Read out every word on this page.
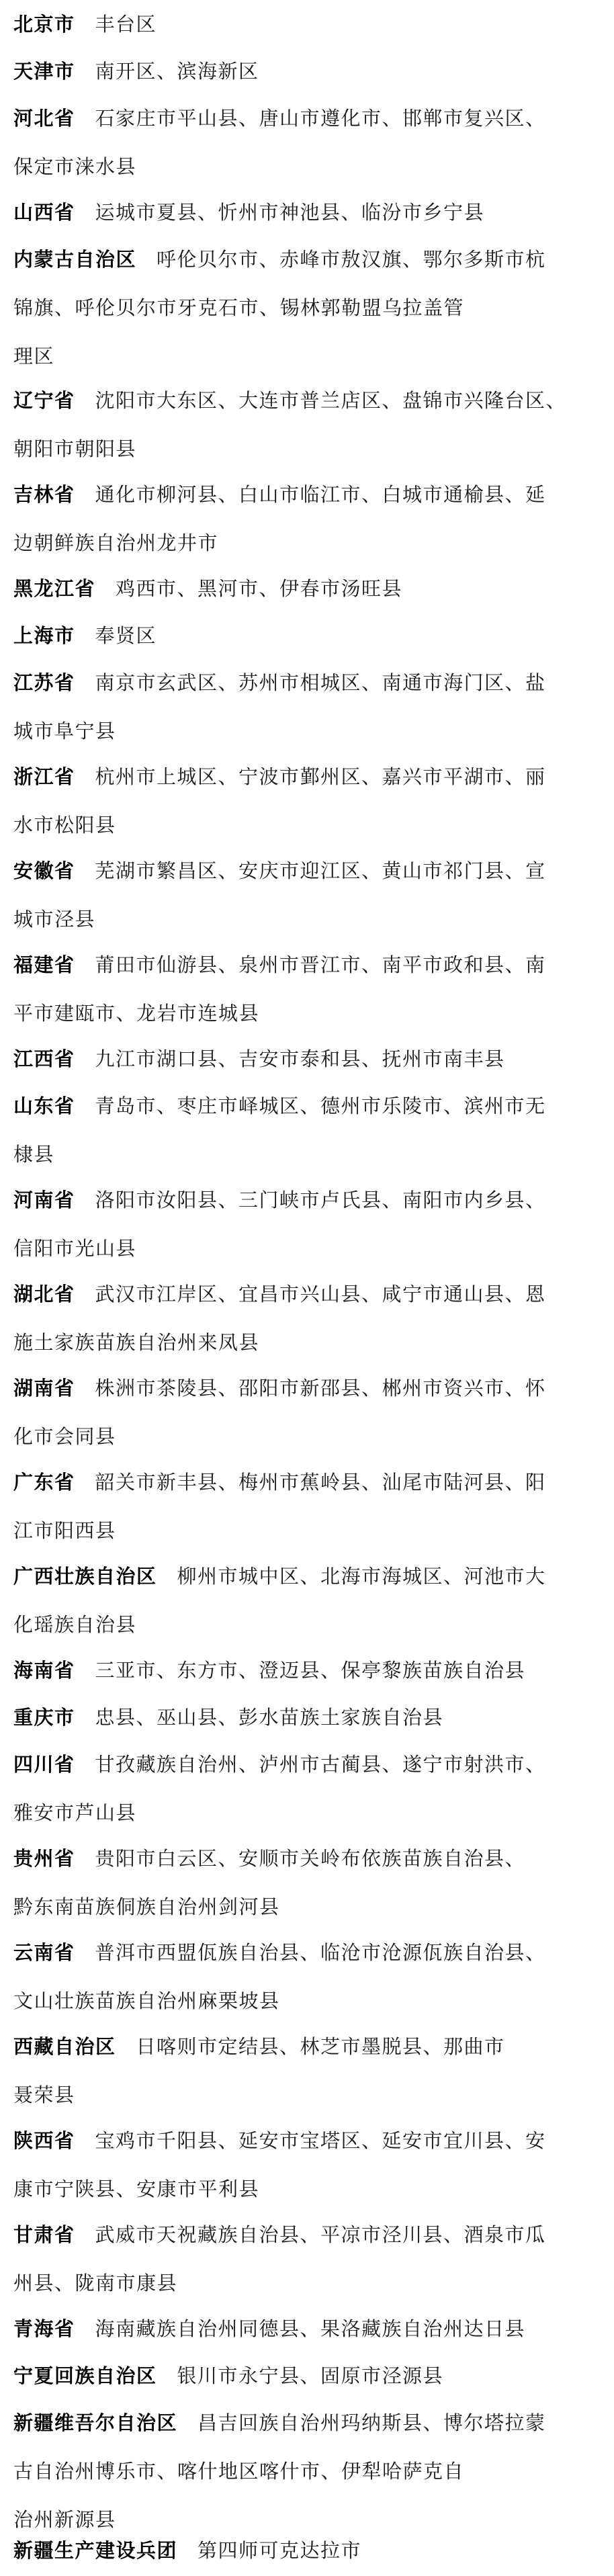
北京市 丰台区
天津市 南开区、滨海新区
河北省 石家庄市平山县、唐山市遵化市、邯郸市复兴区、
保定市涞水县
山西省 运城市夏县、忻州市神池县、临汾市乡宁县
内蒙古自治区 呼伦贝尔市、赤峰市敖汉旗、鄂尔多斯市杭
锦旗、呼伦贝尔市牙克石市、锡林郭勒盟乌拉盖管
理区
辽宁省 沈阳市大东区、大连市普兰店区、盘锦市兴隆台区、
朝阳市朝阳县
吉林省 通化市柳河县、白山市临江市、白城市通榆县、延
边朝鲜族自治州龙井市
黑龙江省 鸡西市、黑河市、伊春市汤旺县
上海市 奉贤区
江苏省 南京市玄武区、苏州市相城区、南通市海门区、盐
城市阜宁县
浙江省 杭州市上城区、宁波市鄞州区、嘉兴市平湖市、丽
水市松阳县
安徽省 芜湖市繁昌区、安庆市迎江区、黄山市祁门县、宣
城市泾县
福建省 莆田市仙游县、泉州市晋江市、南平市政和县、南
平市建瓯市、龙岩市连城县
江西省 九江市湖口县、吉安市泰和县、抚州市南丰县
山东省 青岛市、枣庄市峄城区、德州市乐陵市、滨州市无
棣县
河南省 洛阳市汝阳县、三门峡市卢氏县、南阳市内乡县、
信阳市光山县
湖北省 武汉市江岸区、宜昌市兴山县、咸宁市通山县、恩
施土家族苗族自治州来凤县
湖南省 株洲市茶陵县、邵阳市新邵县、郴州市资兴市、怀
化市会同县
广东省 韶关市新丰县、梅州市蕉岭县、汕尾市陆河县、阳
江市阳西县
广西壮族自治区 柳州市城中区、北海市海城区、河池市大
化瑶族自治县
海南省 三亚市、东方市、澄迈县、保亭黎族苗族自治县
重庆市 忠县、巫山县、彭水苗族土家族自治县
四川省 甘孜藏族自治州、泸州市古蔺县、遂宁市射洪市、
雅安市芦山县
贵州省 贵阳市白云区、安顺市关岭布依族苗族自治县、
黔东南苗族侗族自治州剑河县
云南省 普洱市西盟佤族自治县、临沧市沧源佤族自治县、
文山壮族苗族自治州麻栗坡县
西藏自治区 日喀则市定结县、林芝市墨脱县、那曲市
聂荣县
陕西省 宝鸡市千阳县、延安市宝塔区、延安市宜川县、安
康市宁陕县、安康市平利县
甘肃省 武威市天祝藏族自治县、平凉市泾川县、酒泉市瓜
州县、陇南市康县
青海省 海南藏族自治州同德县、果洛藏族自治州达日县
宁夏回族自治区 银川市永宁县、固原市泾源县
新疆维吾尔自治区 昌吉回族自治州玛纳斯县、博尔塔拉蒙
古自治州博乐市、喀什地区喀什市、伊犁哈萨克自
治州新源县
新疆生产建设兵团 第四师可克达拉市
